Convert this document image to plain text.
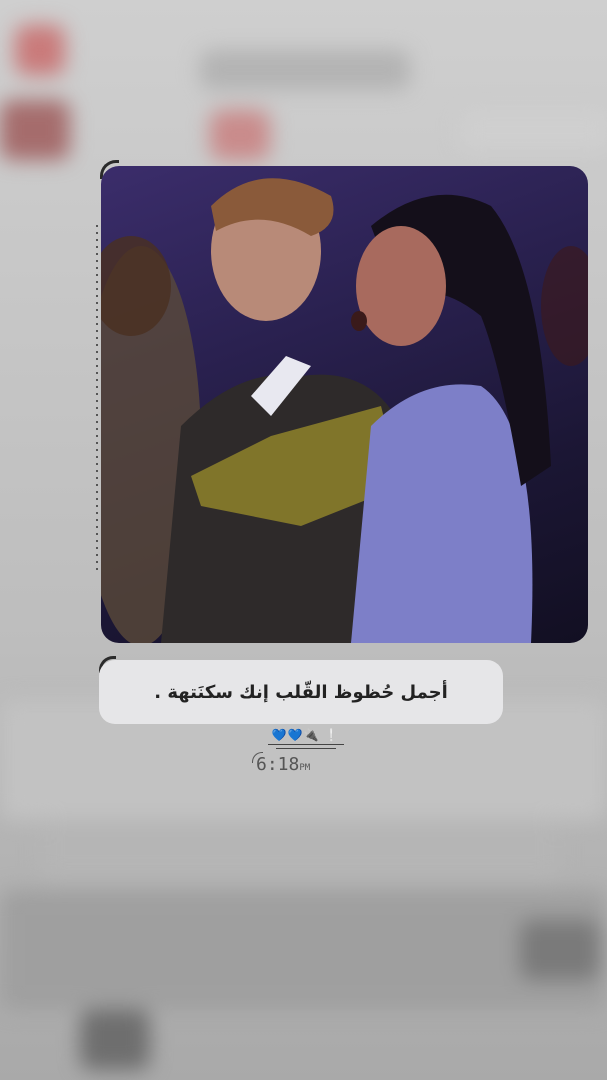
أجمل حُظوظ القّلب إنك سكنَتهة .
💙💙🔌 ❕
6:18PM
